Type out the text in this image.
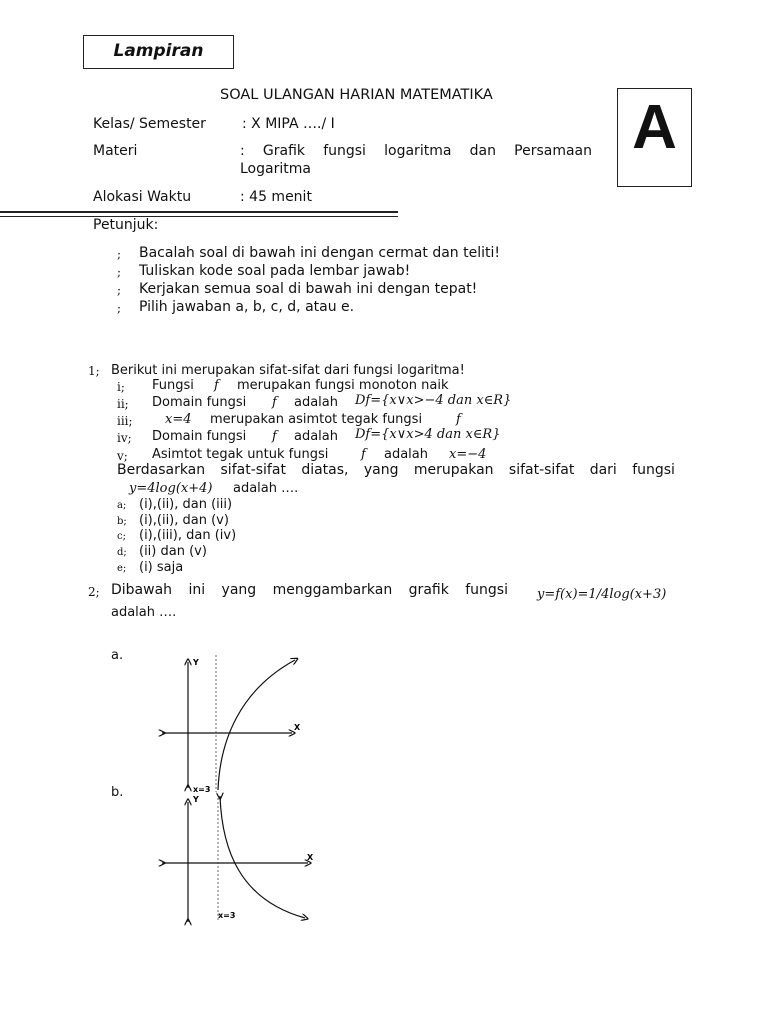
Lampiran
SOAL ULANGAN HARIAN MATEMATIKA A
Kelas/ Semester	: X MIPA …./ I
Materi	: Grafik fungsi logaritma dan Persamaan
Logaritma
Alokasi Waktu	: 45 menit
Petunjuk:
; Bacalah soal di bawah ini dengan cermat dan teliti!
; Tuliskan kode soal pada lembar jawab!
; Kerjakan semua soal di bawah ini dengan tepat!
; Pilih jawaban a, b, c, d, atau e.
1; Berikut ini merupakan sifat-sifat dari fungsi logaritma!
i; Fungsi f merupakan fungsi monoton naik
ii; Domain fungsi f adalah Df={x∨x>−4 dan x∈R}
iii; x=4 merupakan asimtot tegak fungsi	f
iv; Domain fungsi f adalah Df={x∨x>4 dan x∈R}
v; Asimtot tegak untuk fungsi	f adalah x=−4
Berdasarkan sifat-sifat diatas, yang merupakan sifat-sifat dari fungsi
y=4log(x+4) adalah ….
a; (i),(ii), dan (iii)
b; (i),(ii), dan (v)
c; (i),(iii), dan (iv)
d; (ii) dan (v)
e; (i) saja
2; Dibawah ini yang menggambarkan grafik fungsi y=f(x)=1/4log(x+3)
adalah ….
a.	Y
X
x=3
b.	Y
X
x=3
